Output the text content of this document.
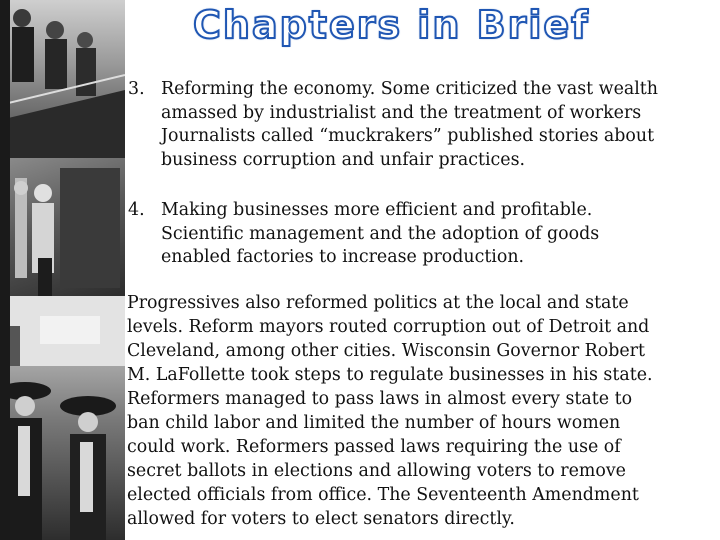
Chapters in Brief
3. Reforming the economy. Some criticized the vast wealth
amassed by industrialist and the treatment of workers
Journalists called “muckrakers” published stories about
business corruption and unfair practices.
4. Making businesses more efficient and profitable.
Scientific management and the adoption of goods
enabled factories to increase production.
Progressives also reformed politics at the local and state
levels. Reform mayors routed corruption out of Detroit and
Cleveland, among other cities. Wisconsin Governor Robert
M. LaFollette took steps to regulate businesses in his state.
Reformers managed to pass laws in almost every state to
ban child labor and limited the number of hours women
could work. Reformers passed laws requiring the use of
secret ballots in elections and allowing voters to remove
elected officials from office. The Seventeenth Amendment
allowed for voters to elect senators directly.
